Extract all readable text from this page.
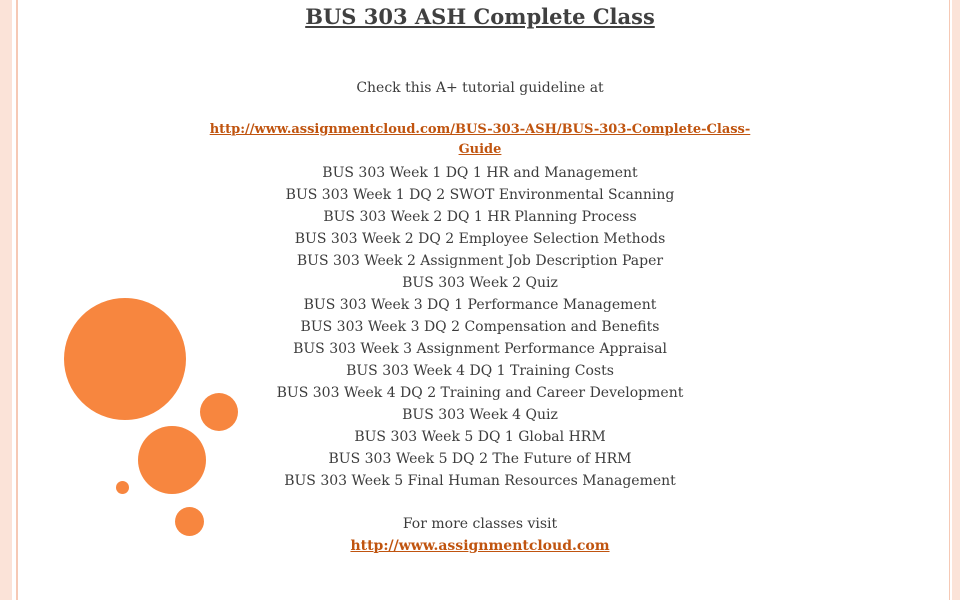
BUS 303 ASH Complete Class
Check this A+ tutorial guideline at
http://www.assignmentcloud.com/BUS-303-ASH/BUS-303-Complete-Class-Guide
BUS 303 Week 1 DQ 1 HR and Management
BUS 303 Week 1 DQ 2 SWOT Environmental Scanning
BUS 303 Week 2 DQ 1 HR Planning Process
BUS 303 Week 2 DQ 2 Employee Selection Methods
BUS 303 Week 2 Assignment Job Description Paper
BUS 303 Week 2 Quiz
BUS 303 Week 3 DQ 1 Performance Management
BUS 303 Week 3 DQ 2 Compensation and Benefits
BUS 303 Week 3 Assignment Performance Appraisal
BUS 303 Week 4 DQ 1 Training Costs
BUS 303 Week 4 DQ 2 Training and Career Development
BUS 303 Week 4 Quiz
BUS 303 Week 5 DQ 1 Global HRM
BUS 303 Week 5 DQ 2 The Future of HRM
BUS 303 Week 5 Final Human Resources Management
For more classes visit
http://www.assignmentcloud.com
